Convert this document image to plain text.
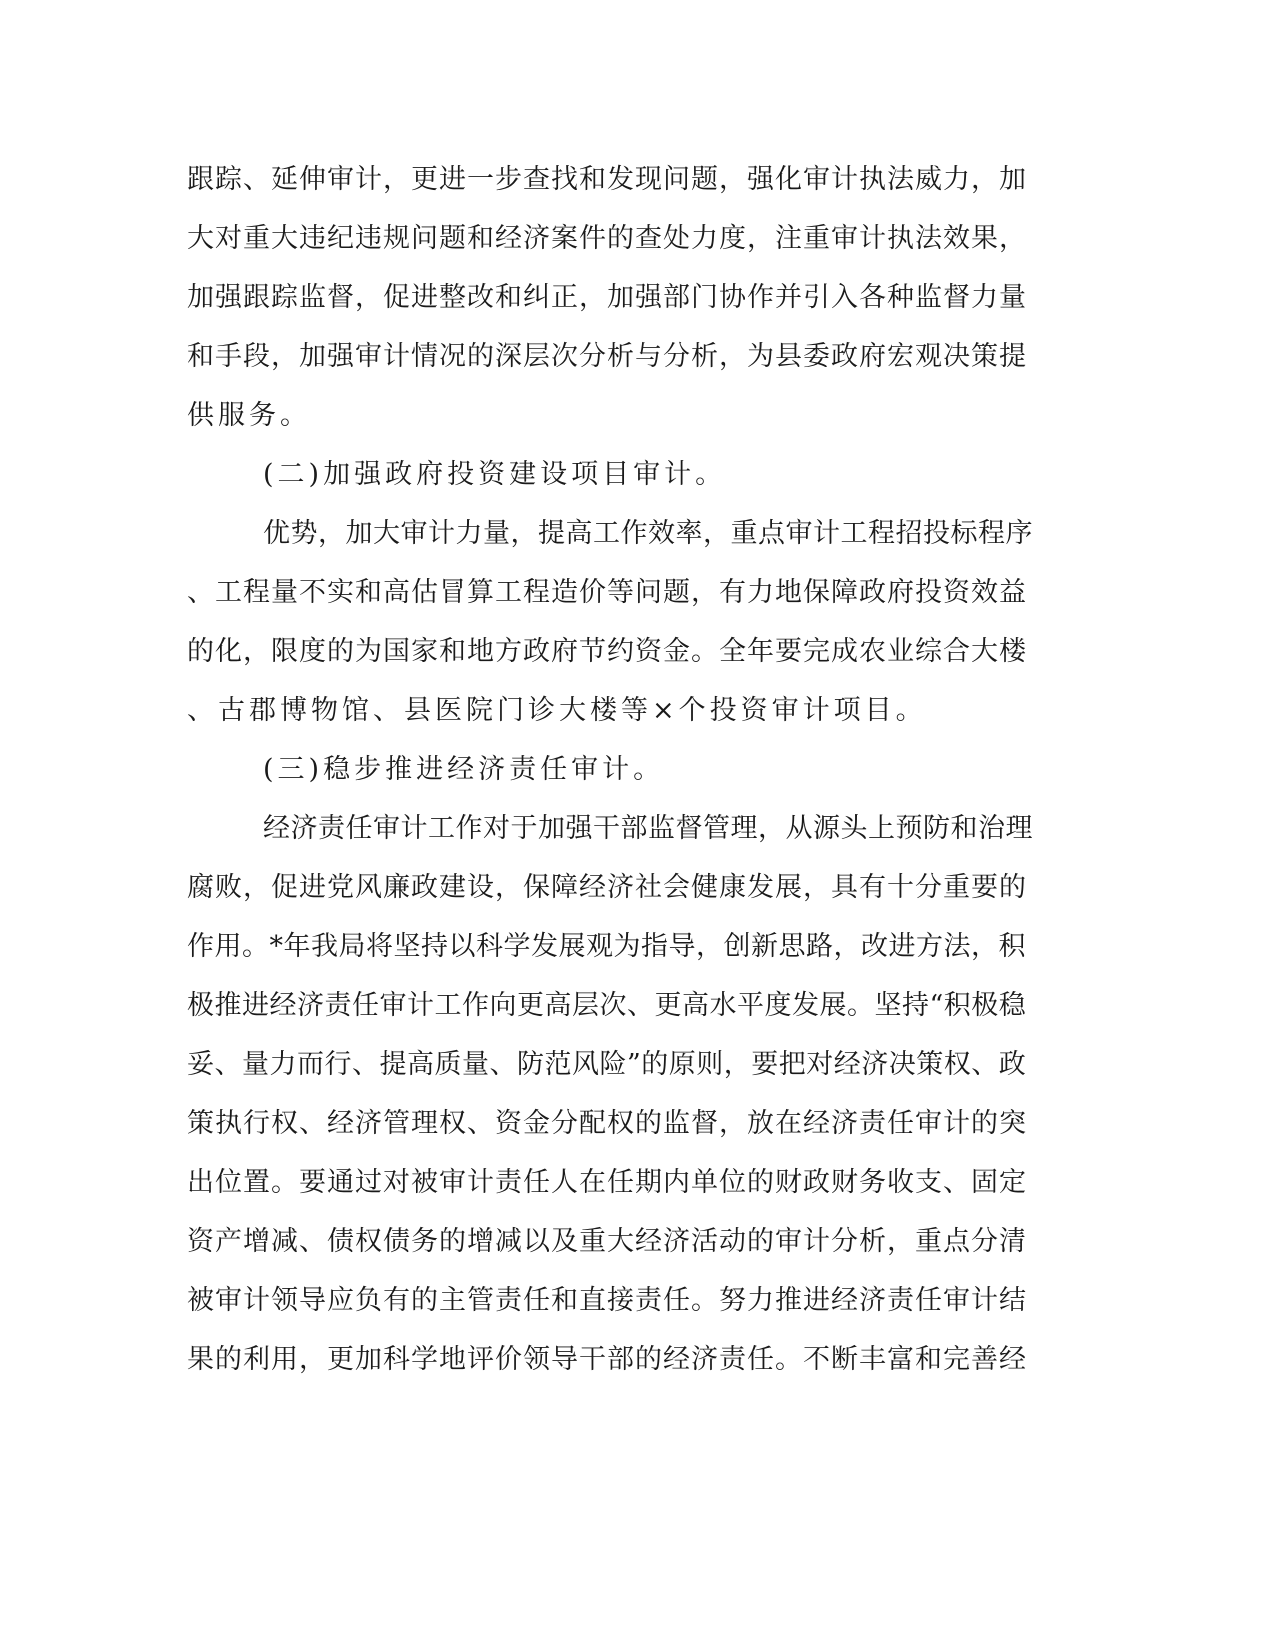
跟踪、延伸审计，更进一步查找和发现问题，强化审计执法威力，加
大对重大违纪违规问题和经济案件的查处力度，注重审计执法效果，
加强跟踪监督，促进整改和纠正，加强部门协作并引入各种监督力量
和手段，加强审计情况的深层次分析与分析，为县委政府宏观决策提
供服务。
(二)加强政府投资建设项目审计。
优势，加大审计力量，提高工作效率，重点审计工程招投标程序
、工程量不实和高估冒算工程造价等问题，有力地保障政府投资效益
的化，限度的为国家和地方政府节约资金。全年要完成农业综合大楼
、古郡博物馆、县医院门诊大楼等×个投资审计项目。
(三)稳步推进经济责任审计。
经济责任审计工作对于加强干部监督管理，从源头上预防和治理
腐败，促进党风廉政建设，保障经济社会健康发展，具有十分重要的
作用。*年我局将坚持以科学发展观为指导，创新思路，改进方法，积
极推进经济责任审计工作向更高层次、更高水平度发展。坚持“积极稳
妥、量力而行、提高质量、防范风险”的原则，要把对经济决策权、政
策执行权、经济管理权、资金分配权的监督，放在经济责任审计的突
出位置。要通过对被审计责任人在任期内单位的财政财务收支、固定
资产增减、债权债务的增减以及重大经济活动的审计分析，重点分清
被审计领导应负有的主管责任和直接责任。努力推进经济责任审计结
果的利用，更加科学地评价领导干部的经济责任。不断丰富和完善经
